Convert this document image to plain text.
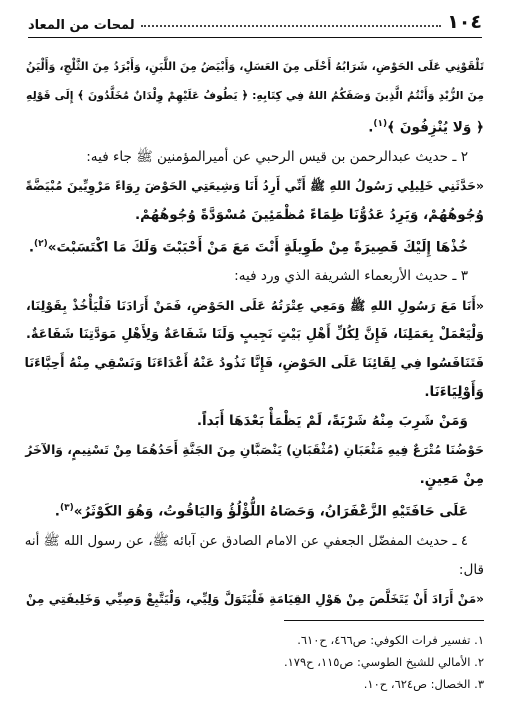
١٠٤
لمحات من المعاد
تَلْقَوْنِي عَلَى الحَوْضِ، شَرَابُهُ أَحْلَى مِنَ العَسَلِ، وَأَبْيَضُ مِنَ اللَّبَنِ، وَأَبْرَدُ مِنَ الثَّلْجِ، وَأَلْيَنُ
مِنَ الزُّبْدِ وَأَنْتُمُ الَّذِينَ وَصَفَكُمُ اللهُ فِي كِتَابِهِ: ﴿ يَطُوفُ عَلَيْهِمْ وِلْدَانٌ مُخَلَّدُونَ ﴾ إِلَى قَوْلِهِ
﴿ وَلا يُنْزِفُونَ ﴾$^{(١)}$.
٢ ـ حديث عبدالرحمن بن قيس الرحبي عن أميرالمؤمنين ﷺ جاء فيه:
«حَدَّثَنِي خَلِيلِي رَسُولُ اللهِ ﷺ أَنِّي أَرِدُ أَنَا وَشِيعَتِي الحَوْضَ رِوَاءً مَرْوِيِّينَ مُبْيَضَّةً
وُجُوهُهُمْ، وَيَرِدُ عَدُوُّنَا ظِمَاءً مُظْمَئِينَ مُسْوَدَّةً وُجُوهُهُمْ.
خُذْهَا إِلَيْكَ قَصِيرَةً مِنْ طَوِيلَةٍ أَنْتَ مَعَ مَنْ أَحْبَبْتَ وَلَكَ مَا اكْتَسَبْتَ»$^{(٢)}$.
٣ ـ حديث الأربعماء الشريفة الذي ورد فيه:
«أَنَا مَعَ رَسُولِ اللهِ ﷺ وَمَعِي عِتْرَتُهُ عَلَى الحَوْضِ، فَمَنْ أَرَادَنَا فَلْيَأْخُذْ بِقَوْلِنَا،
وَلْيَعْمَلْ بِعَمَلِنَا، فَإِنَّ لِكُلِّ أَهْلِ بَيْتٍ نَجِيبٍ وَلَنَا شَفَاعَةٌ وَلِأَهْلِ مَوَدَّتِنَا شَفَاعَةٌ.
فَتَنَافَسُوا فِي لِقَائِنَا عَلَى الحَوْضِ، فَإِنَّا نَذُودُ عَنْهُ أَعْدَاءَنَا وَنَسْقِي مِنْهُ أَحِبَّاءَنَا
وَأَوْلِيَاءَنَا.
وَمَنْ شَرِبَ مِنْهُ شَرْبَةً، لَمْ يَظْمَأْ بَعْدَهَا أَبَداً.
حَوْضُنَا مُتْرَعٌ فِيهِ مَثْعَبَانِ (مُثْقَبَانِ) يَنْصَبَّانِ مِنَ الجَنَّةِ أَحَدُهُمَا مِنْ تَسْنِيمٍ، وَالآخَرُ
مِنْ مَعِينٍ.
عَلَى حَافَتَيْهِ الزَّعْفَرَانُ، وَحَصَاهُ اللُّؤْلُؤُ وَاليَاقُوتُ، وَهُوَ الكَوْثَرُ»$^{(٣)}$.
٤ ـ حديث المفضّل الجعفي عن الامام الصادق عن آبائه ﷺ، عن رسول الله ﷺ أنه
قال:
«مَنْ أَرَادَ أَنْ يَتَخَلَّصَ مِنْ هَوْلِ القِيَامَةِ فَلْيَتَوَلَّ وَلِيِّي، وَلْيَتَّبِعْ وَصِيِّي وَخَلِيفَتِي مِنْ
١. تفسير فرات الكوفي: ص٤٦٦، ح٦١٠.
٢. الأمالي للشيخ الطوسي: ص١١٥، ح١٧٩.
٣. الخصال: ص٦٢٤، ح١٠.
